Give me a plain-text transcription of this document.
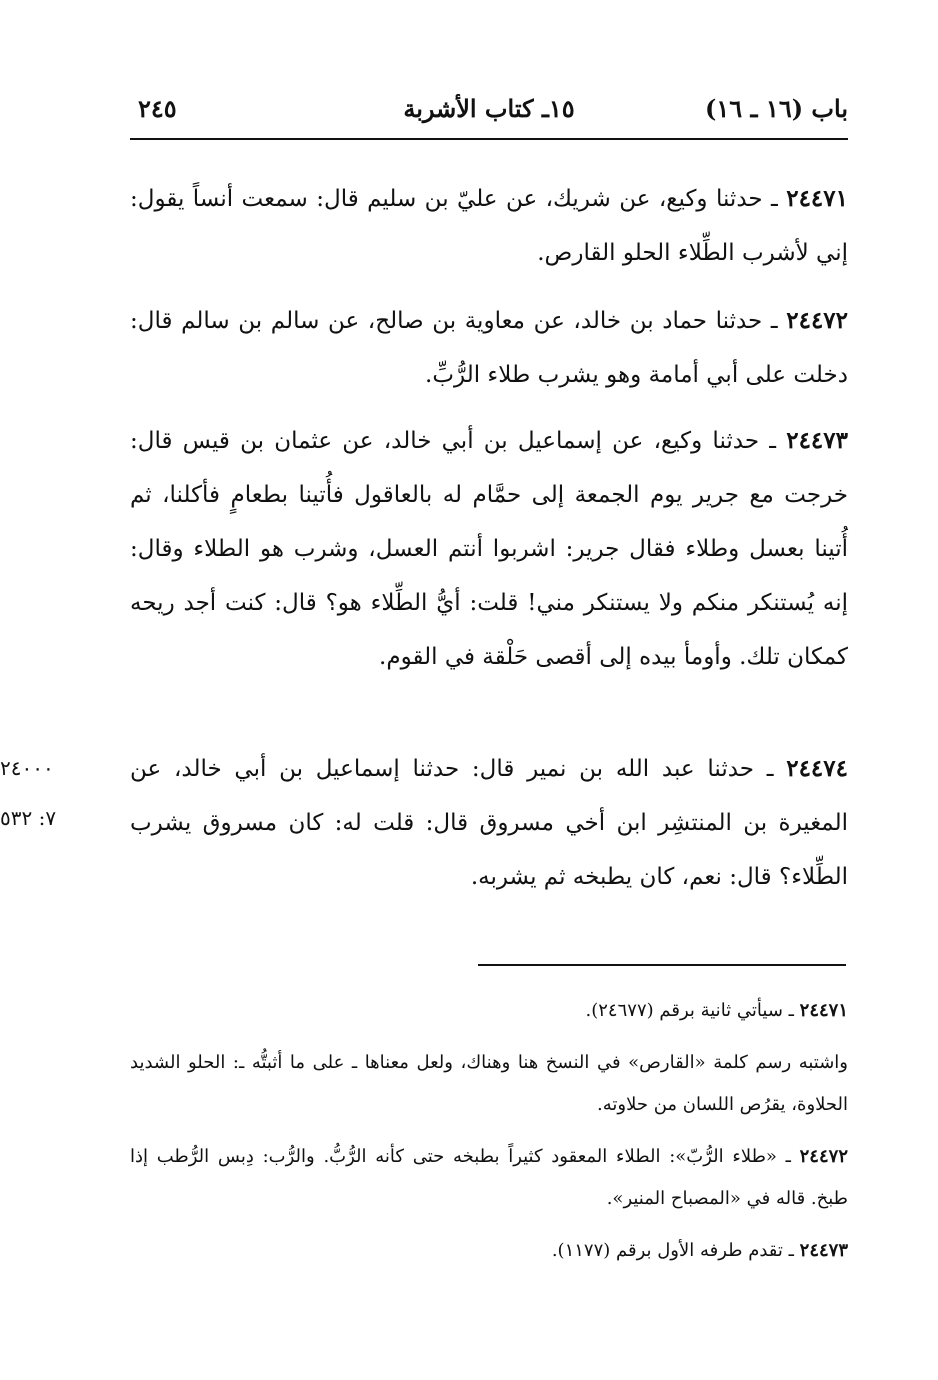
باب (١٦ ـ ١٦)
١٥ـ كتاب الأشربة
٢٤٥
٢٤٤٧١ ـ حدثنا وكيع، عن شريك، عن عليّ بن سليم قال: سمعت أنساً يقول: إني لأشرب الطِّلاء الحلو القارص.
٢٤٤٧٢ ـ حدثنا حماد بن خالد، عن معاوية بن صالح، عن سالم بن سالم قال: دخلت على أبي أمامة وهو يشرب طلاء الرُّبِّ.
٢٤٤٧٣ ـ حدثنا وكيع، عن إسماعيل بن أبي خالد، عن عثمان بن قيس قال: خرجت مع جرير يوم الجمعة إلى حمَّام له بالعاقول فأُتينا بطعامٍ فأكلنا، ثم أُتينا بعسل وطلاء فقال جرير: اشربوا أنتم العسل، وشرب هو الطلاء وقال: إنه يُستنكر منكم ولا يستنكر مني! قلت: أيُّ الطِّلاء هو؟ قال: كنت أجد ريحه كمكان تلك. وأومأ بيده إلى أقصى حَلْقة في القوم.
٢٤٤٧٤ ـ حدثنا عبد الله بن نمير قال: حدثنا إسماعيل بن أبي خالد، عن المغيرة بن المنتشِر ابن أخي مسروق قال: قلت له: كان مسروق يشرب الطِّلاء؟ قال: نعم، كان يطبخه ثم يشربه.
٢٤٠٠٠
٧: ٥٣٢
٢٤٤٧١ ـ سيأتي ثانية برقم (٢٤٦٧٧).
واشتبه رسم كلمة «القارص» في النسخ هنا وهناك، ولعل معناها ـ على ما أثبتُّه ـ: الحلو الشديد الحلاوة، يقرُص اللسان من حلاوته.
٢٤٤٧٢ ـ «طلاء الرُّبّ»: الطلاء المعقود كثيراً بطبخه حتى كأنه الرُّبُّ. والرُّب: دِبس الرُّطب إذا طبخ. قاله في «المصباح المنير».
٢٤٤٧٣ ـ تقدم طرفه الأول برقم (١١٧٧).
